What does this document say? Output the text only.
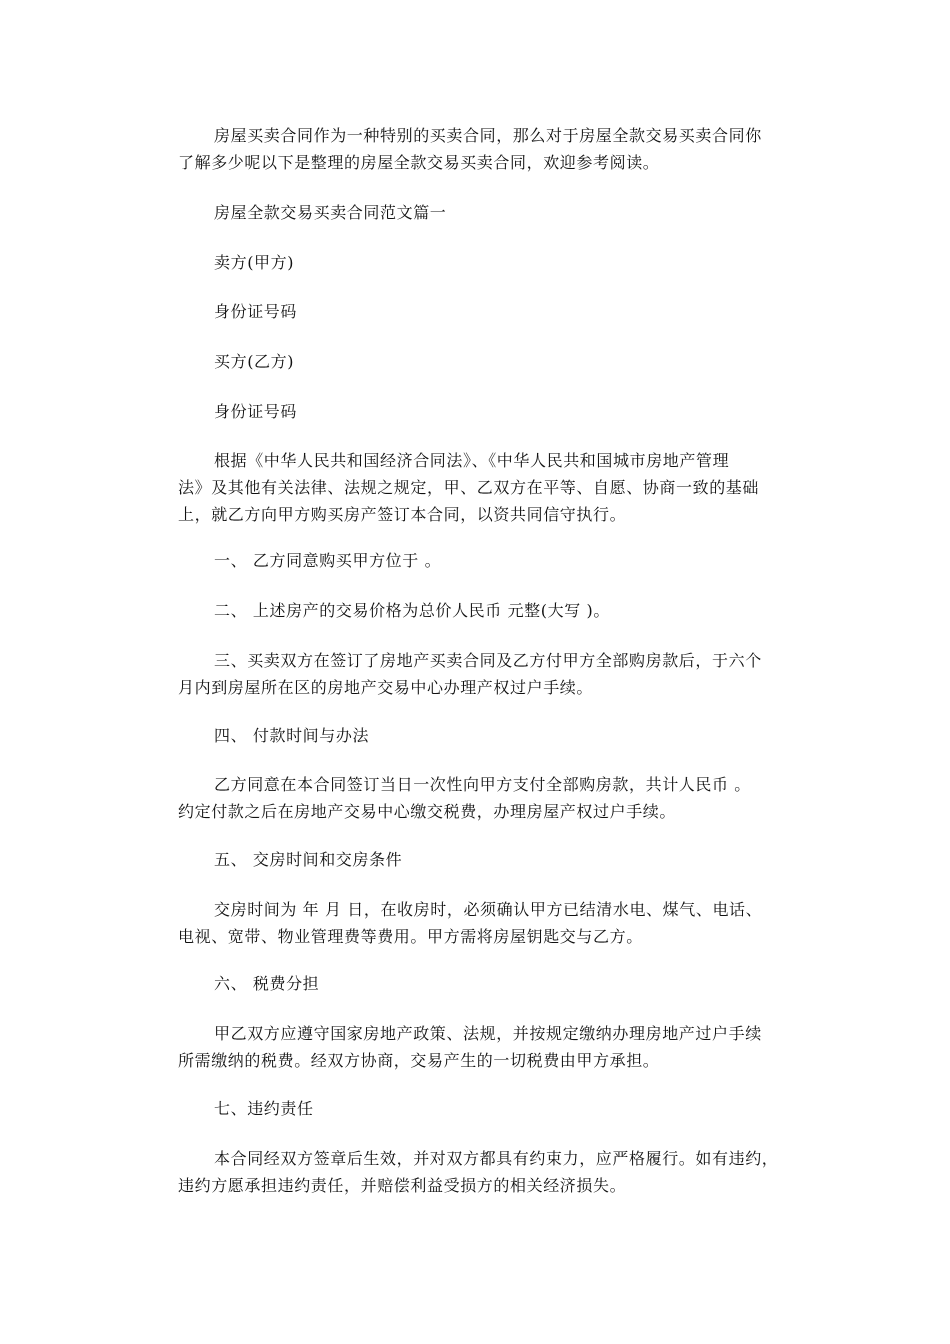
房屋买卖合同作为一种特别的买卖合同，那么对于房屋全款交易买卖合同你
了解多少呢以下是整理的房屋全款交易买卖合同，欢迎参考阅读。
房屋全款交易买卖合同范文篇一
卖方(甲方)
身份证号码
买方(乙方)
身份证号码
根据《中华人民共和国经济合同法》、《中华人民共和国城市房地产管理
法》及其他有关法律、法规之规定，甲、乙双方在平等、自愿、协商一致的基础
上，就乙方向甲方购买房产签订本合同，以资共同信守执行。
一、 乙方同意购买甲方位于 。
二、 上述房产的交易价格为总价人民币 元整(大写 )。
三、买卖双方在签订了房地产买卖合同及乙方付甲方全部购房款后，于六个
月内到房屋所在区的房地产交易中心办理产权过户手续。
四、 付款时间与办法
乙方同意在本合同签订当日一次性向甲方支付全部购房款，共计人民币 。
约定付款之后在房地产交易中心缴交税费，办理房屋产权过户手续。
五、 交房时间和交房条件
交房时间为 年 月 日，在收房时，必须确认甲方已结清水电、煤气、电话、
电视、宽带、物业管理费等费用。甲方需将房屋钥匙交与乙方。
六、 税费分担
甲乙双方应遵守国家房地产政策、法规，并按规定缴纳办理房地产过户手续
所需缴纳的税费。经双方协商，交易产生的一切税费由甲方承担。
七、违约责任
本合同经双方签章后生效，并对双方都具有约束力，应严格履行。如有违约，
违约方愿承担违约责任，并赔偿利益受损方的相关经济损失。
